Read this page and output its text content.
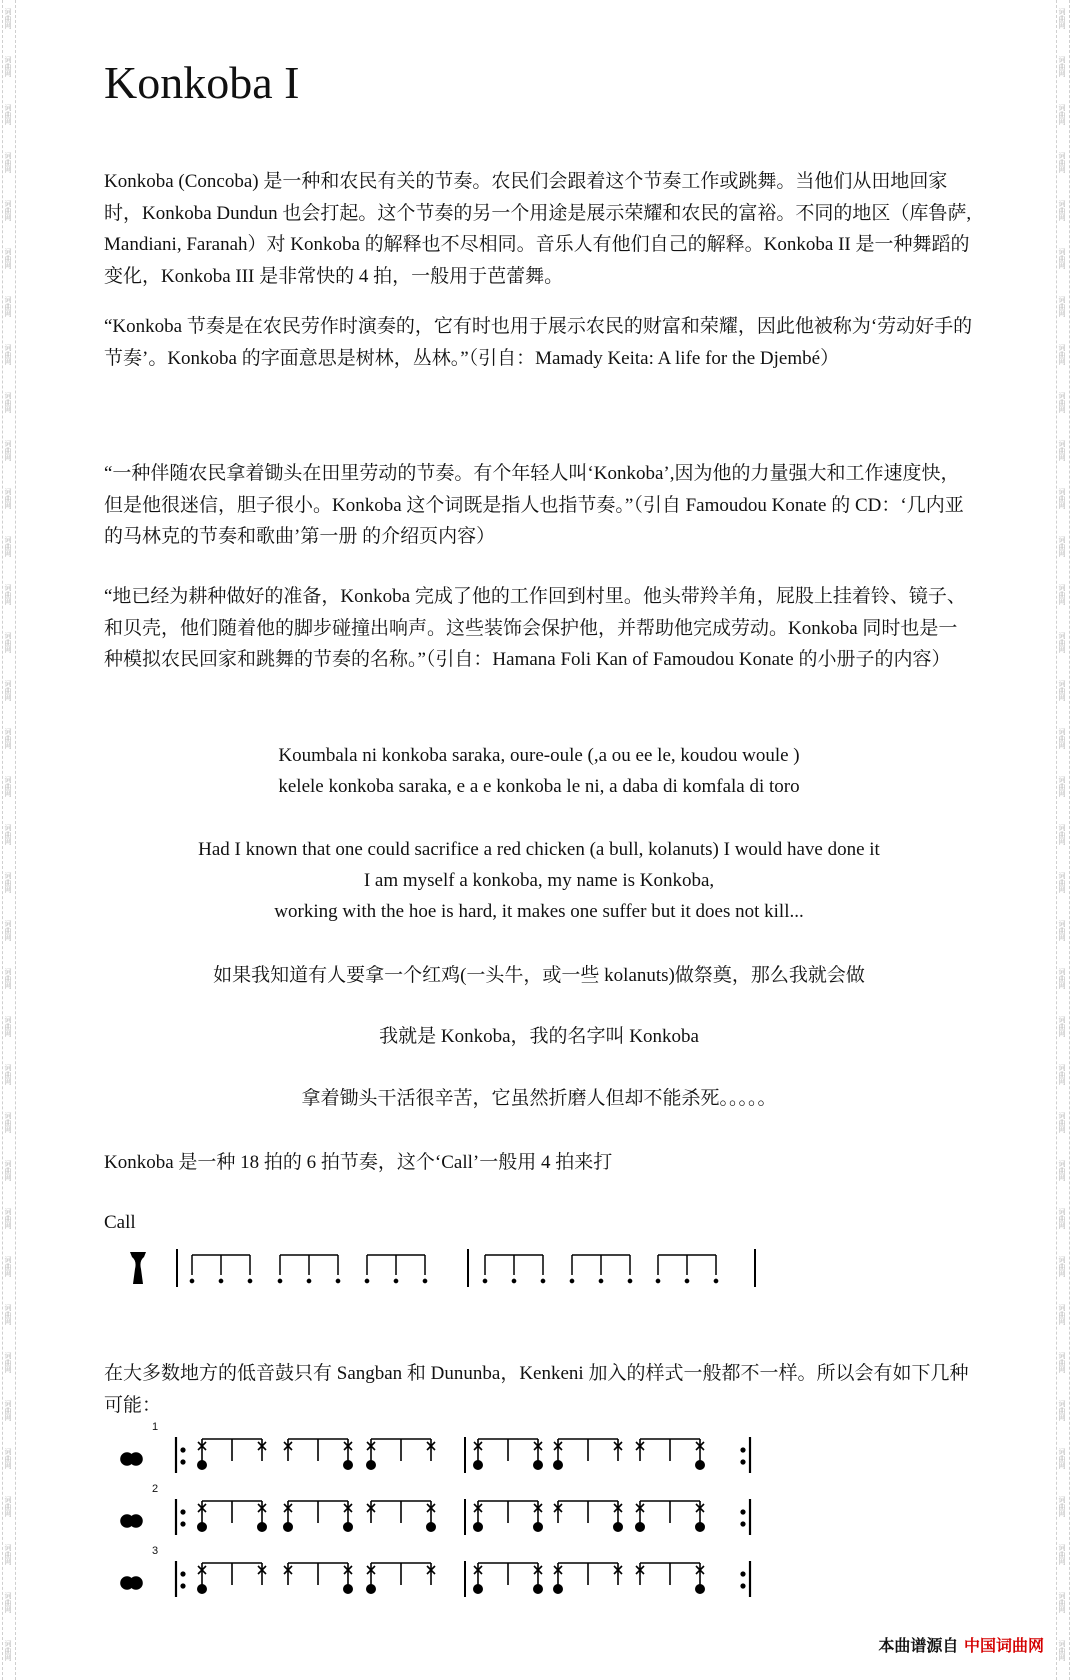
词曲网
词曲网
词曲网
词曲网
词曲网
词曲网
词曲网
词曲网
词曲网
词曲网
词曲网
词曲网
词曲网
词曲网
词曲网
词曲网
词曲网
词曲网
词曲网
词曲网
词曲网
词曲网
词曲网
词曲网
词曲网
词曲网
词曲网
词曲网
词曲网
词曲网
词曲网
词曲网
词曲网
词曲网
词曲网
词曲网
词曲网
词曲网
词曲网
词曲网
词曲网
词曲网
词曲网
词曲网
词曲网
词曲网
词曲网
词曲网
词曲网
词曲网
词曲网
词曲网
词曲网
词曲网
词曲网
词曲网
词曲网
词曲网
词曲网
词曲网
词曲网
词曲网
词曲网
词曲网
词曲网
词曲网
词曲网
词曲网
词曲网
词曲网
Konkoba I

Konkoba (Concoba) 是一种和农民有关的节奏。农民们会跟着这个节奏工作或跳舞。当他们从田地回家时，Konkoba Dundun 也会打起。这个节奏的另一个用途是展示荣耀和农民的富裕。不同的地区（库鲁萨, Mandiani, Faranah）对 Konkoba 的解释也不尽相同。音乐人有他们自己的解释。Konkoba II 是一种舞蹈的变化，Konkoba III 是非常快的 4 拍，一般用于芭蕾舞。

“Konkoba 节奏是在农民劳作时演奏的，它有时也用于展示农民的财富和荣耀，因此他被称为‘劳动好手的节奏’。Konkoba 的字面意思是树林，丛林。”（引自：Mamady Keita: A life for the Djembé）

“一种伴随农民拿着锄头在田里劳动的节奏。有个年轻人叫‘Konkoba’,因为他的力量强大和工作速度快，但是他很迷信，胆子很小。Konkoba 这个词既是指人也指节奏。”（引自 Famoudou Konate 的 CD：‘几内亚的马林克的节奏和歌曲’第一册 的介绍页内容）

“地已经为耕种做好的准备，Konkoba 完成了他的工作回到村里。他头带羚羊角，屁股上挂着铃、镜子、和贝壳，他们随着他的脚步碰撞出响声。这些装饰会保护他，并帮助他完成劳动。Konkoba 同时也是一种模拟农民回家和跳舞的节奏的名称。”（引自：Hamana Foli Kan of Famoudou Konate 的小册子的内容）

Koumbala ni konkoba saraka, oure-oule (,a ou ee le, koudou woule )

kelele konkoba saraka, e a e konkoba le ni, a daba di komfala di toro

Had I known that one could sacrifice a red chicken (a bull, kolanuts) I would have done it

I am myself a konkoba, my name is Konkoba,

working with the hoe is hard, it makes one suffer but it does not kill...

如果我知道有人要拿一个红鸡(一头牛，或一些 kolanuts)做祭奠，那么我就会做

我就是 Konkoba，我的名字叫 Konkoba

拿着锄头干活很辛苦，它虽然折磨人但却不能杀死。。。。。

Konkoba 是一种 18 拍的 6 拍节奏，这个‘Call’一般用 4 拍来打

Call

在大多数地方的低音鼓只有 Sangban 和 Dununba，Kenkeni 加入的样式一般都不一样。所以会有如下几种可能：

1
2
3
本曲谱源自 中国词曲网
